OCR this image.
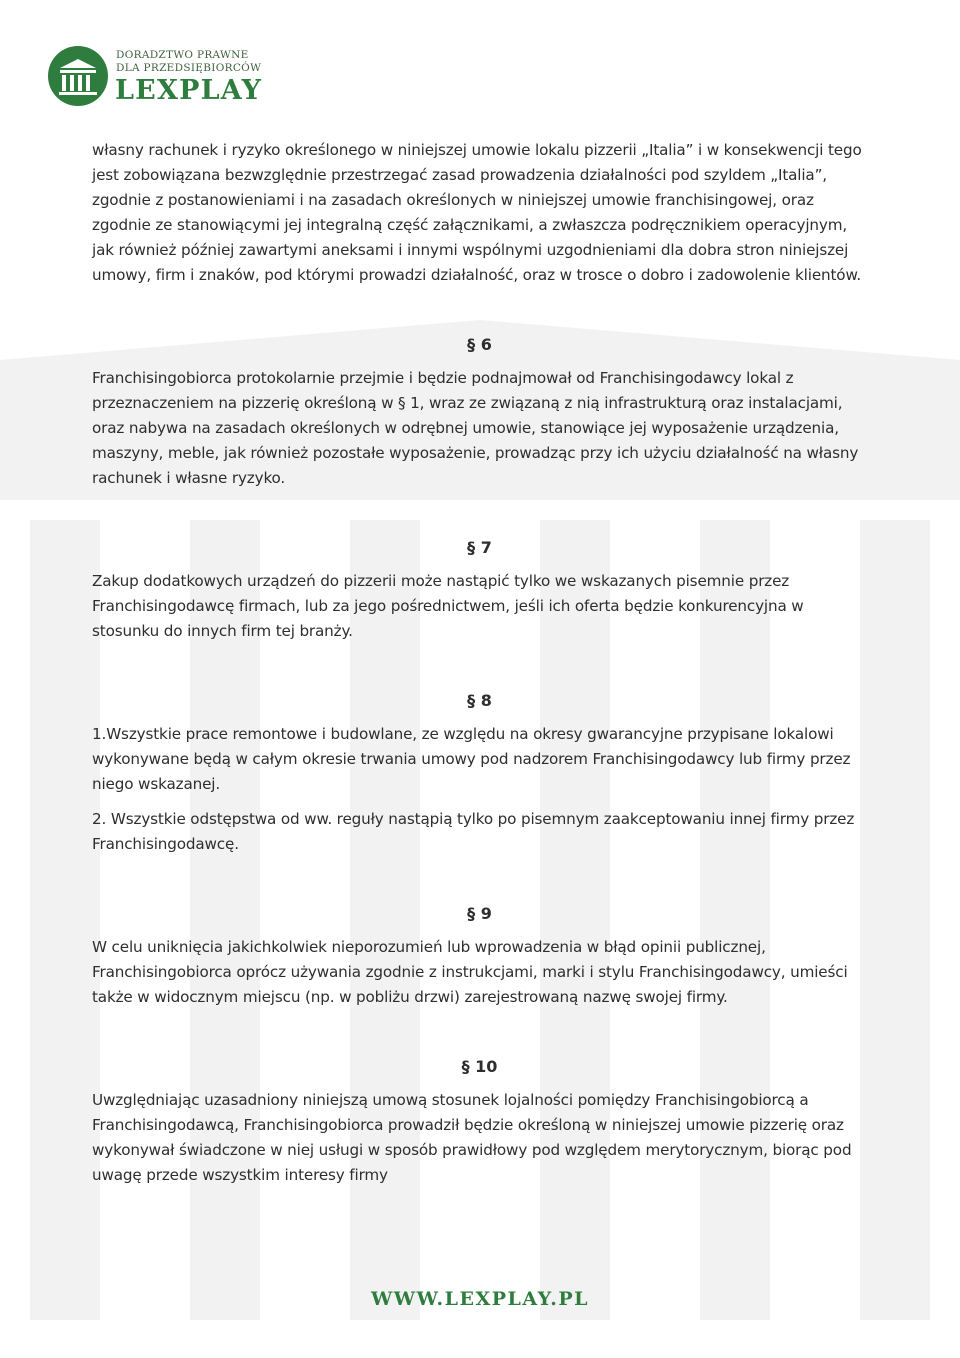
DORADZTWO PRAWNE
DLA PRZEDSIĘBIORCÓW
LEXPLAY

własny rachunek i ryzyko określonego w niniejszej umowie lokalu pizzerii „Italia” i w konsekwencji tego jest zobowiązana bezwzględnie przestrzegać zasad prowadzenia działalności pod szyldem „Italia”, zgodnie z postanowieniami i na zasadach określonych w niniejszej umowie franchisingowej, oraz zgodnie ze stanowiącymi jej integralną część załącznikami, a zwłaszcza podręcznikiem operacyjnym, jak również później zawartymi aneksami i innymi wspólnymi uzgodnieniami dla dobra stron niniejszej umowy, firm i znaków, pod którymi prowadzi działalność, oraz w trosce o dobro i zadowolenie klientów.

§ 6

Franchisingobiorca protokolarnie przejmie i będzie podnajmował od Franchisingodawcy lokal z przeznaczeniem na pizzerię określoną w § 1, wraz ze związaną z nią infrastrukturą oraz instalacjami, oraz nabywa na zasadach określonych w odrębnej umowie, stanowiące jej wyposażenie urządzenia, maszyny, meble, jak również pozostałe wyposażenie, prowadząc przy ich użyciu działalność na własny rachunek i własne ryzyko.

§ 7

Zakup dodatkowych urządzeń do pizzerii może nastąpić tylko we wskazanych pisemnie przez Franchisingodawcę firmach, lub za jego pośrednictwem, jeśli ich oferta będzie konkurencyjna w stosunku do innych firm tej branży.

§ 8

1.Wszystkie prace remontowe i budowlane, ze względu na okresy gwarancyjne przypisane lokalowi wykonywane będą w całym okresie trwania umowy pod nadzorem Franchisingodawcy lub firmy przez niego wskazanej.

2. Wszystkie odstępstwa od ww. reguły nastąpią tylko po pisemnym zaakceptowaniu innej firmy przez Franchisingodawcę.

§ 9

W celu uniknięcia jakichkolwiek nieporozumień lub wprowadzenia w błąd opinii publicznej, Franchisingobiorca oprócz używania zgodnie z instrukcjami, marki i stylu Franchisingodawcy, umieści także w widocznym miejscu (np. w pobliżu drzwi) zarejestrowaną nazwę swojej firmy.

§ 10

Uwzględniając uzasadniony niniejszą umową stosunek lojalności pomiędzy Franchisingobiorcą a Franchisingodawcą, Franchisingobiorca prowadził będzie określoną w niniejszej umowie pizzerię oraz wykonywał świadczone w niej usługi w sposób prawidłowy pod względem merytorycznym, biorąc pod uwagę przede wszystkim interesy firmy

WWW.LEXPLAY.PL
